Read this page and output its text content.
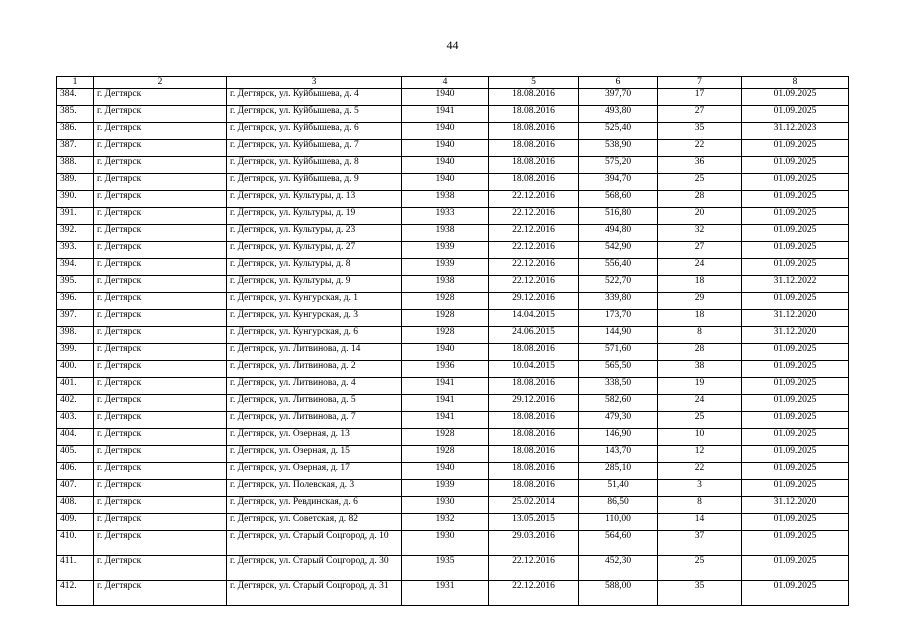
44
1	2	3	4	5	6	7	8
384.	г. Дегтярск	г. Дегтярск, ул. Куйбышева, д. 4	1940	18.08.2016	397,70	17	01.09.2025
385.	г. Дегтярск	г. Дегтярск, ул. Куйбышева, д. 5	1941	18.08.2016	493,80	27	01.09.2025
386.	г. Дегтярск	г. Дегтярск, ул. Куйбышева, д. 6	1940	18.08.2016	525,40	35	31.12.2023
387.	г. Дегтярск	г. Дегтярск, ул. Куйбышева, д. 7	1940	18.08.2016	538,90	22	01.09.2025
388.	г. Дегтярск	г. Дегтярск, ул. Куйбышева, д. 8	1940	18.08.2016	575,20	36	01.09.2025
389.	г. Дегтярск	г. Дегтярск, ул. Куйбышева, д. 9	1940	18.08.2016	394,70	25	01.09.2025
390.	г. Дегтярск	г. Дегтярск, ул. Культуры, д. 13	1938	22.12.2016	568,60	28	01.09.2025
391.	г. Дегтярск	г. Дегтярск, ул. Культуры, д. 19	1933	22.12.2016	516,80	20	01.09.2025
392.	г. Дегтярск	г. Дегтярск, ул. Культуры, д. 23	1938	22.12.2016	494,80	32	01.09.2025
393.	г. Дегтярск	г. Дегтярск, ул. Культуры, д. 27	1939	22.12.2016	542,90	27	01.09.2025
394.	г. Дегтярск	г. Дегтярск, ул. Культуры, д. 8	1939	22.12.2016	556,40	24	01.09.2025
395.	г. Дегтярск	г. Дегтярск, ул. Культуры, д. 9	1938	22.12.2016	522,70	18	31.12.2022
396.	г. Дегтярск	г. Дегтярск, ул. Кунгурская, д. 1	1928	29.12.2016	339,80	29	01.09.2025
397.	г. Дегтярск	г. Дегтярск, ул. Кунгурская, д. 3	1928	14.04.2015	173,70	18	31.12.2020
398.	г. Дегтярск	г. Дегтярск, ул. Кунгурская, д. 6	1928	24.06.2015	144,90	8	31.12.2020
399.	г. Дегтярск	г. Дегтярск, ул. Литвинова, д. 14	1940	18.08.2016	571,60	28	01.09.2025
400.	г. Дегтярск	г. Дегтярск, ул. Литвинова, д. 2	1936	10.04.2015	565,50	38	01.09.2025
401.	г. Дегтярск	г. Дегтярск, ул. Литвинова, д. 4	1941	18.08.2016	338,50	19	01.09.2025
402.	г. Дегтярск	г. Дегтярск, ул. Литвинова, д. 5	1941	29.12.2016	582,60	24	01.09.2025
403.	г. Дегтярск	г. Дегтярск, ул. Литвинова, д. 7	1941	18.08.2016	479,30	25	01.09.2025
404.	г. Дегтярск	г. Дегтярск, ул. Озерная, д. 13	1928	18.08.2016	146,90	10	01.09.2025
405.	г. Дегтярск	г. Дегтярск, ул. Озерная, д. 15	1928	18.08.2016	143,70	12	01.09.2025
406.	г. Дегтярск	г. Дегтярск, ул. Озерная, д. 17	1940	18.08.2016	285,10	22	01.09.2025
407.	г. Дегтярск	г. Дегтярск, ул. Полевская, д. 3	1939	18.08.2016	51,40	3	01.09.2025
408.	г. Дегтярск	г. Дегтярск, ул. Ревдинская, д. 6	1930	25.02.2014	86,50	8	31.12.2020
409.	г. Дегтярск	г. Дегтярск, ул. Советская, д. 82	1932	13.05.2015	110,00	14	01.09.2025
410.	г. Дегтярск	г. Дегтярск, ул. Старый Соцгород, д. 10	1930	29.03.2016	564,60	37	01.09.2025
411.	г. Дегтярск	г. Дегтярск, ул. Старый Соцгород, д. 30	1935	22.12.2016	452,30	25	01.09.2025
412.	г. Дегтярск	г. Дегтярск, ул. Старый Соцгород, д. 31	1931	22.12.2016	588,00	35	01.09.2025
